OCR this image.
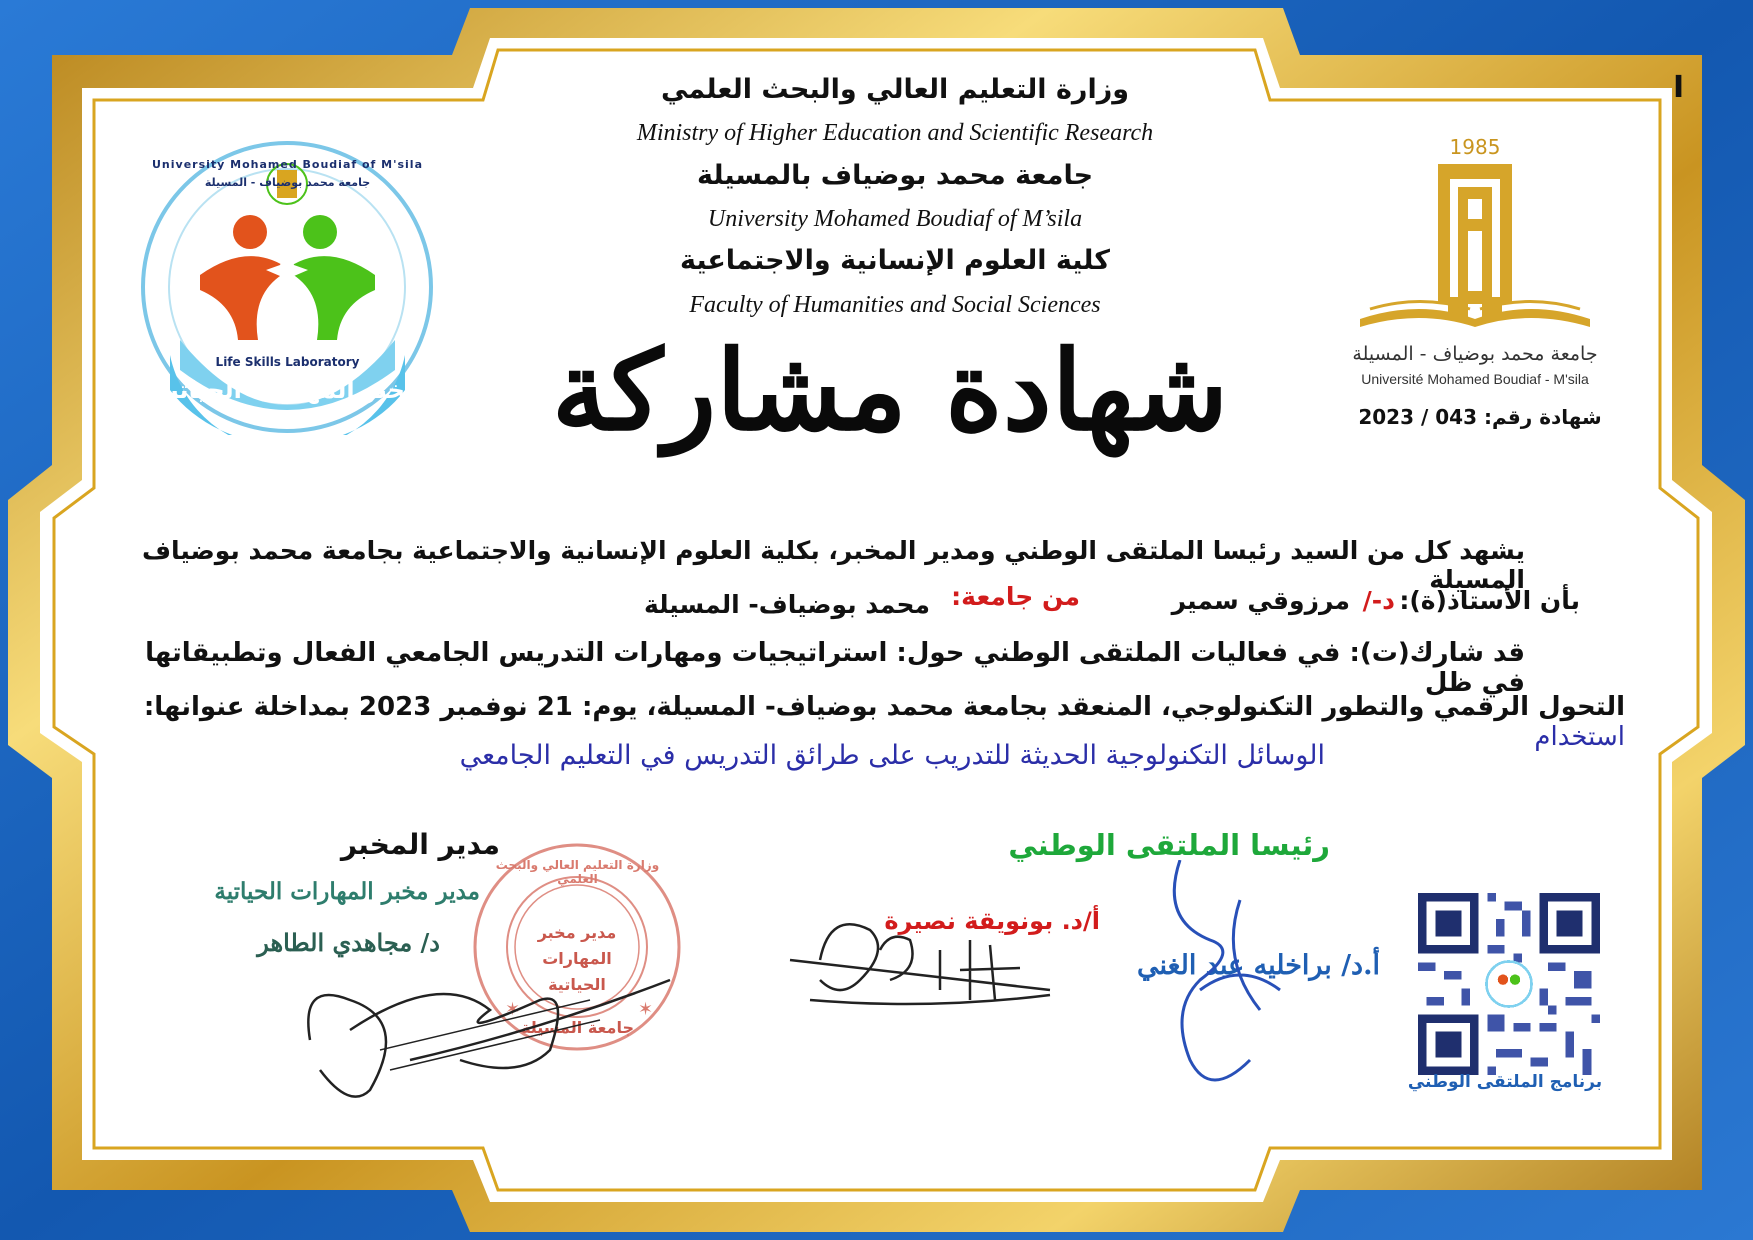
وزارة التعليم العالي والبحث العلمي
Ministry of Higher Education and Scientific Research
جامعة محمد بوضياف بالمسيلة
University Mohamed Boudiaf of M’sila
كلية العلوم الإنسانية والاجتماعية
Faculty of Humanities and Social Sciences
I
University Mohamed Boudiaf of M'sila
جامعة محمد بوضياف - المسيلة
Life Skills Laboratory
مخبر المهارات الحياتية
1985
جامعة محمد بوضياف - المسيلة
Université Mohamed Boudiaf - M'sila
شهادة رقم: 043 / 2023
شهادة مشاركة
يشهد كل من السيد رئيسا الملتقى الوطني ومدير المخبر، بكلية العلوم الإنسانية والاجتماعية بجامعة محمد بوضياف المسيلة
بأن الأستاذ(ة):
د-/
مرزوقي سمير
من جامعة:
محمد بوضياف- المسيلة
قد شارك(ت): في فعاليات الملتقى الوطني حول: استراتيجيات ومهارات التدريس الجامعي الفعال وتطبيقاتها في ظل
التحول الرقمي والتطور التكنولوجي، المنعقد بجامعة محمد بوضياف- المسيلة، يوم: 21 نوفمبر 2023 بمداخلة عنوانها: استخدام
الوسائل التكنولوجية الحديثة للتدريب على طرائق التدريس في التعليم الجامعي
مدير المخبر
✶	✶
وزارة التعليم العالي والبحث العلمي
مدير مخبر المهارات الحياتية
جامعة المسيلة
مدير مخبر المهارات الحياتية
د/ مجاهدي الطاهر
رئيسا الملتقى الوطني
أ/د. بونويقة نصيرة
أ.د/ براخليه عبد الغني
برنامج الملتقى الوطني
